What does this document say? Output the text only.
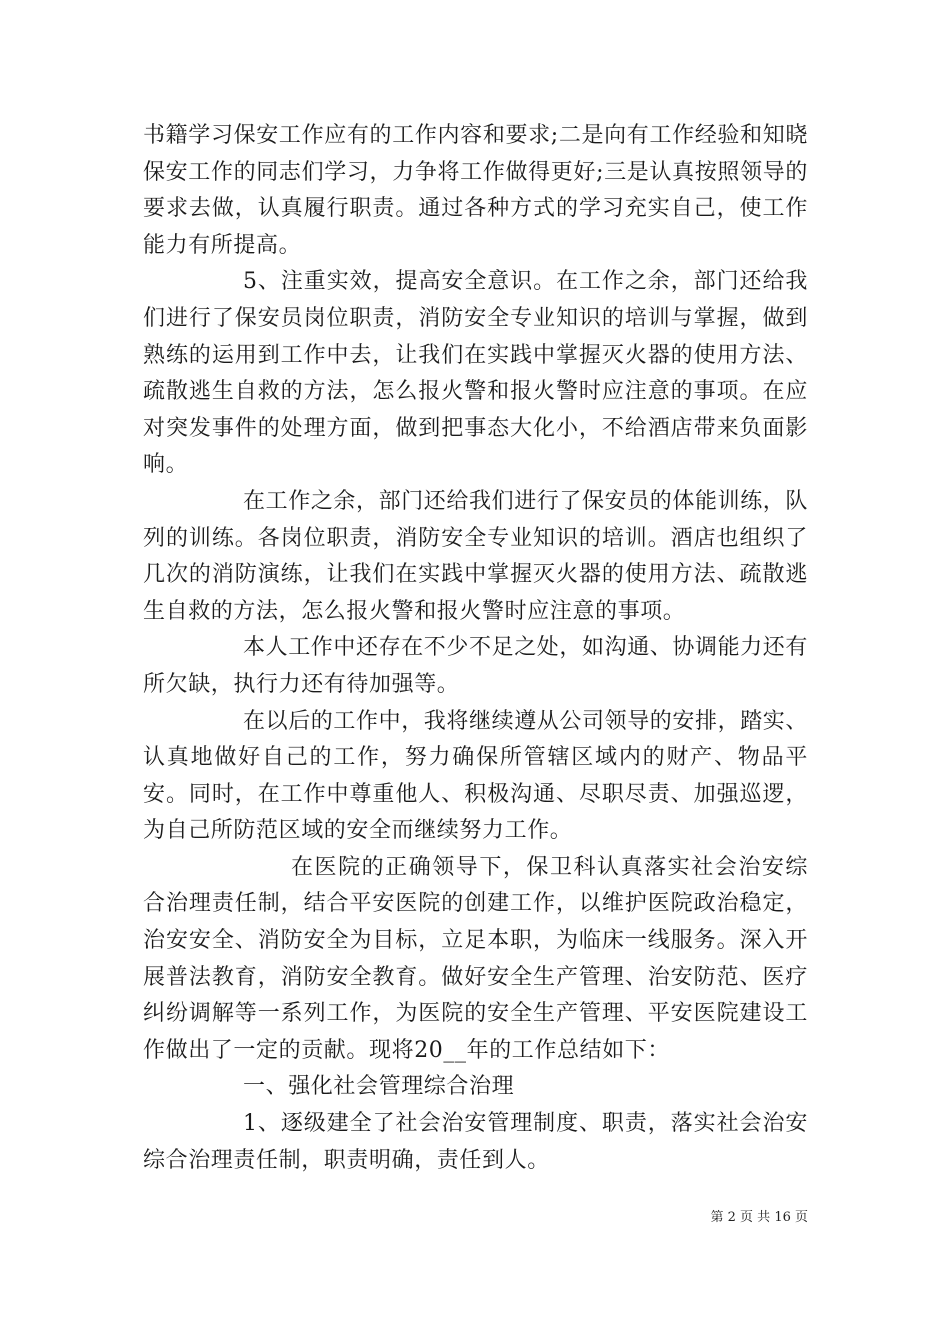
书籍学习保安工作应有的工作内容和要求;二是向有工作经验和知晓保安工作的同志们学习，力争将工作做得更好;三是认真按照领导的要求去做，认真履行职责。通过各种方式的学习充实自己，使工作能力有所提高。

5、注重实效，提高安全意识。在工作之余，部门还给我们进行了保安员岗位职责，消防安全专业知识的培训与掌握，做到熟练的运用到工作中去，让我们在实践中掌握灭火器的使用方法、疏散逃生自救的方法，怎么报火警和报火警时应注意的事项。在应对突发事件的处理方面，做到把事态大化小，不给酒店带来负面影响。

在工作之余，部门还给我们进行了保安员的体能训练，队列的训练。各岗位职责，消防安全专业知识的培训。酒店也组织了几次的消防演练，让我们在实践中掌握灭火器的使用方法、疏散逃生自救的方法，怎么报火警和报火警时应注意的事项。

本人工作中还存在不少不足之处，如沟通、协调能力还有所欠缺，执行力还有待加强等。

在以后的工作中，我将继续遵从公司领导的安排，踏实、认真地做好自己的工作，努力确保所管辖区域内的财产、物品平安。同时，在工作中尊重他人、积极沟通、尽职尽责、加强巡逻，为自己所防范区域的安全而继续努力工作。

在医院的正确领导下，保卫科认真落实社会治安综合治理责任制，结合平安医院的创建工作，以维护医院政治稳定，治安安全、消防安全为目标，立足本职，为临床一线服务。深入开展普法教育，消防安全教育。做好安全生产管理、治安防范、医疗纠纷调解等一系列工作，为医院的安全生产管理、平安医院建设工作做出了一定的贡献。现将20__年的工作总结如下：

一、强化社会管理综合治理

1、逐级建全了社会治安管理制度、职责，落实社会治安综合治理责任制，职责明确，责任到人。

第 2 页 共 16 页
